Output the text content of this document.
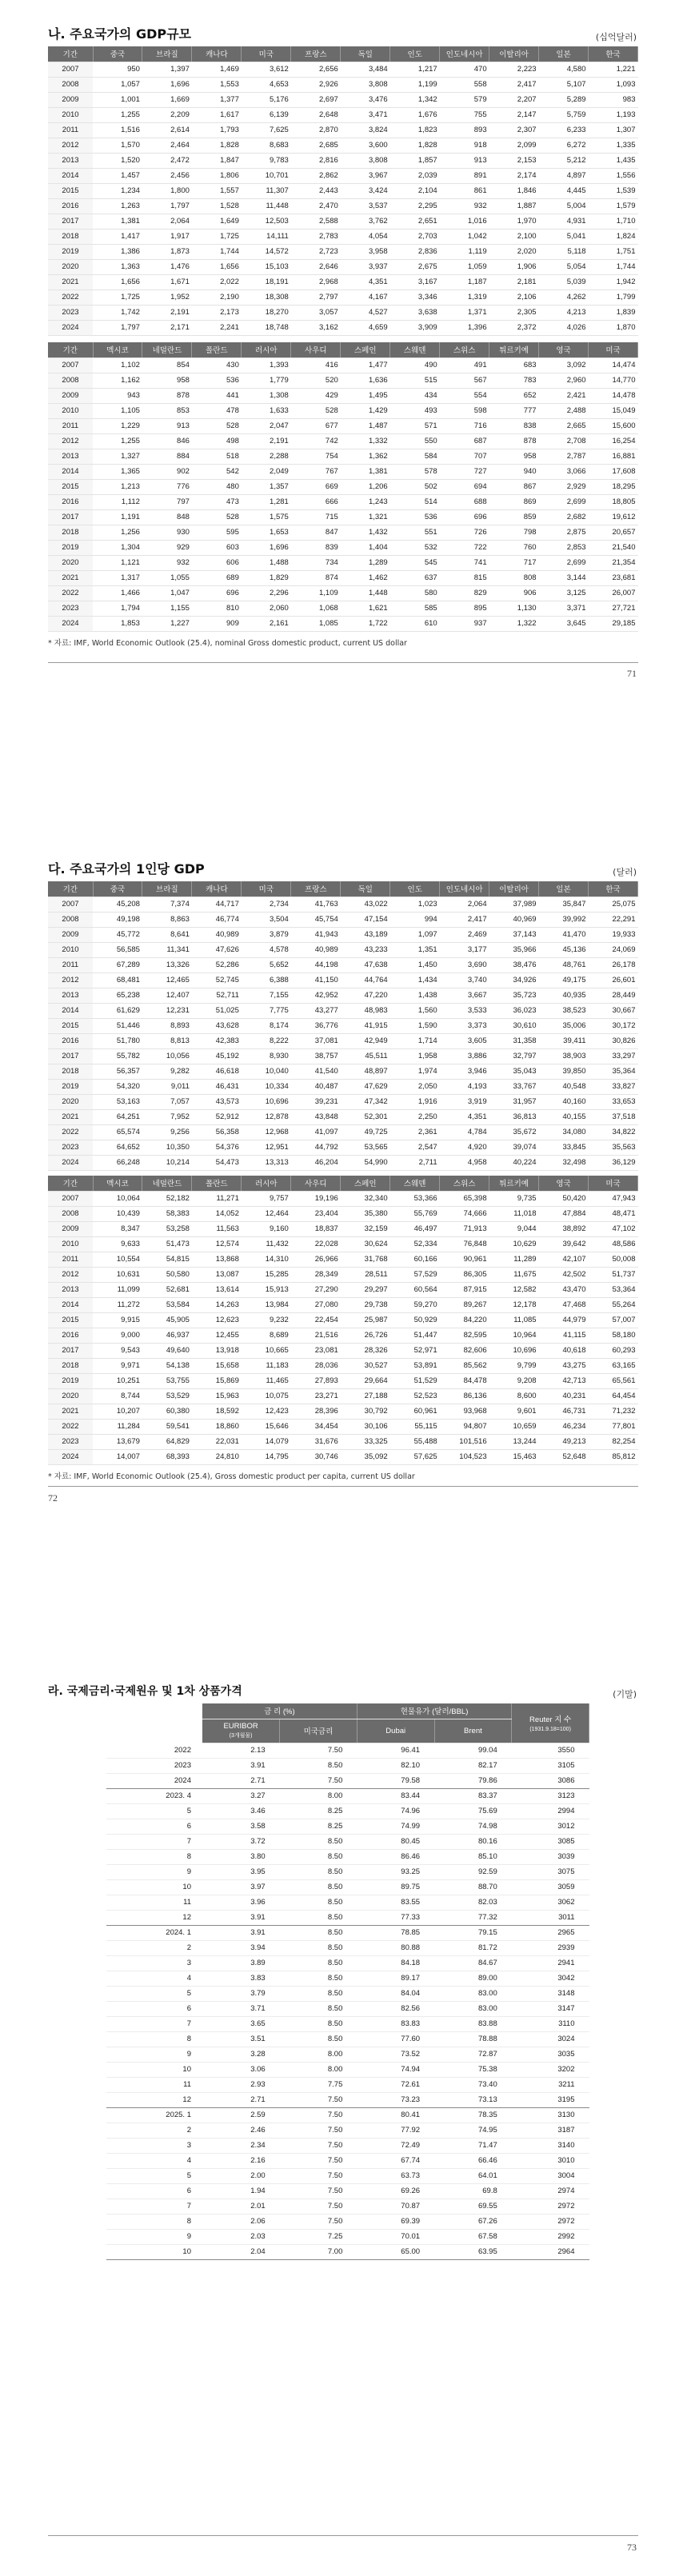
나. 주요국가의 GDP규모	(십억달러)
기간	중국	브라질	캐나다	미국	프랑스	독일	인도	인도네시아	이탈리아	일본	한국
2007	950	1,397	1,469	3,612	2,656	3,484	1,217	470	2,223	4,580	1,221
2008	1,057	1,696	1,553	4,653	2,926	3,808	1,199	558	2,417	5,107	1,093
2009	1,001	1,669	1,377	5,176	2,697	3,476	1,342	579	2,207	5,289	983
2010	1,255	2,209	1,617	6,139	2,648	3,471	1,676	755	2,147	5,759	1,193
2011	1,516	2,614	1,793	7,625	2,870	3,824	1,823	893	2,307	6,233	1,307
2012	1,570	2,464	1,828	8,683	2,685	3,600	1,828	918	2,099	6,272	1,335
2013	1,520	2,472	1,847	9,783	2,816	3,808	1,857	913	2,153	5,212	1,435
2014	1,457	2,456	1,806	10,701	2,862	3,967	2,039	891	2,174	4,897	1,556
2015	1,234	1,800	1,557	11,307	2,443	3,424	2,104	861	1,846	4,445	1,539
2016	1,263	1,797	1,528	11,448	2,470	3,537	2,295	932	1,887	5,004	1,579
2017	1,381	2,064	1,649	12,503	2,588	3,762	2,651	1,016	1,970	4,931	1,710
2018	1,417	1,917	1,725	14,111	2,783	4,054	2,703	1,042	2,100	5,041	1,824
2019	1,386	1,873	1,744	14,572	2,723	3,958	2,836	1,119	2,020	5,118	1,751
2020	1,363	1,476	1,656	15,103	2,646	3,937	2,675	1,059	1,906	5,054	1,744
2021	1,656	1,671	2,022	18,191	2,968	4,351	3,167	1,187	2,181	5,039	1,942
2022	1,725	1,952	2,190	18,308	2,797	4,167	3,346	1,319	2,106	4,262	1,799
2023	1,742	2,191	2,173	18,270	3,057	4,527	3,638	1,371	2,305	4,213	1,839
2024	1,797	2,171	2,241	18,748	3,162	4,659	3,909	1,396	2,372	4,026	1,870
기간	멕시코	네덜란드	폴란드	러시아	사우디	스페인	스웨덴	스위스	튀르키예	영국	미국
2007	1,102	854	430	1,393	416	1,477	490	491	683	3,092	14,474
2008	1,162	958	536	1,779	520	1,636	515	567	783	2,960	14,770
2009	943	878	441	1,308	429	1,495	434	554	652	2,421	14,478
2010	1,105	853	478	1,633	528	1,429	493	598	777	2,488	15,049
2011	1,229	913	528	2,047	677	1,487	571	716	838	2,665	15,600
2012	1,255	846	498	2,191	742	1,332	550	687	878	2,708	16,254
2013	1,327	884	518	2,288	754	1,362	584	707	958	2,787	16,881
2014	1,365	902	542	2,049	767	1,381	578	727	940	3,066	17,608
2015	1,213	776	480	1,357	669	1,206	502	694	867	2,929	18,295
2016	1,112	797	473	1,281	666	1,243	514	688	869	2,699	18,805
2017	1,191	848	528	1,575	715	1,321	536	696	859	2,682	19,612
2018	1,256	930	595	1,653	847	1,432	551	726	798	2,875	20,657
2019	1,304	929	603	1,696	839	1,404	532	722	760	2,853	21,540
2020	1,121	932	606	1,488	734	1,289	545	741	717	2,699	21,354
2021	1,317	1,055	689	1,829	874	1,462	637	815	808	3,144	23,681
2022	1,466	1,047	696	2,296	1,109	1,448	580	829	906	3,125	26,007
2023	1,794	1,155	810	2,060	1,068	1,621	585	895	1,130	3,371	27,721
2024	1,853	1,227	909	2,161	1,085	1,722	610	937	1,322	3,645	29,185
* 자료: IMF, World Economic Outlook (25.4), nominal Gross domestic product, current US dollar
71
다. 주요국가의 1인당 GDP	(달러)
기간	중국	브라질	캐나다	미국	프랑스	독일	인도	인도네시아	이탈리아	일본	한국
2007	45,208	7,374	44,717	2,734	41,763	43,022	1,023	2,064	37,989	35,847	25,075
2008	49,198	8,863	46,774	3,504	45,754	47,154	994	2,417	40,969	39,992	22,291
2009	45,772	8,641	40,989	3,879	41,943	43,189	1,097	2,469	37,143	41,470	19,933
2010	56,585	11,341	47,626	4,578	40,989	43,233	1,351	3,177	35,966	45,136	24,069
2011	67,289	13,326	52,286	5,652	44,198	47,638	1,450	3,690	38,476	48,761	26,178
2012	68,481	12,465	52,745	6,388	41,150	44,764	1,434	3,740	34,926	49,175	26,601
2013	65,238	12,407	52,711	7,155	42,952	47,220	1,438	3,667	35,723	40,935	28,449
2014	61,629	12,231	51,025	7,775	43,277	48,983	1,560	3,533	36,023	38,523	30,667
2015	51,446	8,893	43,628	8,174	36,776	41,915	1,590	3,373	30,610	35,006	30,172
2016	51,780	8,813	42,383	8,222	37,081	42,949	1,714	3,605	31,358	39,411	30,826
2017	55,782	10,056	45,192	8,930	38,757	45,511	1,958	3,886	32,797	38,903	33,297
2018	56,357	9,282	46,618	10,040	41,540	48,897	1,974	3,946	35,043	39,850	35,364
2019	54,320	9,011	46,431	10,334	40,487	47,629	2,050	4,193	33,767	40,548	33,827
2020	53,163	7,057	43,573	10,696	39,231	47,342	1,916	3,919	31,957	40,160	33,653
2021	64,251	7,952	52,912	12,878	43,848	52,301	2,250	4,351	36,813	40,155	37,518
2022	65,574	9,256	56,358	12,968	41,097	49,725	2,361	4,784	35,672	34,080	34,822
2023	64,652	10,350	54,376	12,951	44,792	53,565	2,547	4,920	39,074	33,845	35,563
2024	66,248	10,214	54,473	13,313	46,204	54,990	2,711	4,958	40,224	32,498	36,129
기간	멕시코	네덜란드	폴란드	러시아	사우디	스페인	스웨덴	스위스	튀르키예	영국	미국
2007	10,064	52,182	11,271	9,757	19,196	32,340	53,366	65,398	9,735	50,420	47,943
2008	10,439	58,383	14,052	12,464	23,404	35,380	55,769	74,666	11,018	47,884	48,471
2009	8,347	53,258	11,563	9,160	18,837	32,159	46,497	71,913	9,044	38,892	47,102
2010	9,633	51,473	12,574	11,432	22,028	30,624	52,334	76,848	10,629	39,642	48,586
2011	10,554	54,815	13,868	14,310	26,966	31,768	60,166	90,961	11,289	42,107	50,008
2012	10,631	50,580	13,087	15,285	28,349	28,511	57,529	86,305	11,675	42,502	51,737
2013	11,099	52,681	13,614	15,913	27,290	29,297	60,564	87,915	12,582	43,470	53,364
2014	11,272	53,584	14,263	13,984	27,080	29,738	59,270	89,267	12,178	47,468	55,264
2015	9,915	45,905	12,623	9,232	22,454	25,987	50,929	84,220	11,085	44,979	57,007
2016	9,000	46,937	12,455	8,689	21,516	26,726	51,447	82,595	10,964	41,115	58,180
2017	9,543	49,640	13,918	10,665	23,081	28,326	52,971	82,606	10,696	40,618	60,293
2018	9,971	54,138	15,658	11,183	28,036	30,527	53,891	85,562	9,799	43,275	63,165
2019	10,251	53,755	15,869	11,465	27,893	29,664	51,529	84,478	9,208	42,713	65,561
2020	8,744	53,529	15,963	10,075	23,271	27,188	52,523	86,136	8,600	40,231	64,454
2021	10,207	60,380	18,592	12,423	28,396	30,792	60,961	93,968	9,601	46,731	71,232
2022	11,284	59,541	18,860	15,646	34,454	30,106	55,115	94,807	10,659	46,234	77,801
2023	13,679	64,829	22,031	14,079	31,676	33,325	55,488	101,516	13,244	49,213	82,254
2024	14,007	68,393	24,810	14,795	30,746	35,092	57,625	104,523	15,463	52,648	85,812
* 자료: IMF, World Economic Outlook (25.4), Gross domestic product per capita, current US dollar
72
라. 국제금리·국제원유 및 1차 상품가격	(기말)
	금 리 (%)		현물유가 (달러/BBL)		Reuter 지 수
(1931.9.18=100)
	EURIBOR
(3개월물)	미국금리	Dubai	Brent	
2022	2.13	7.50	96.41	99.04	3550
2023	3.91	8.50	82.10	82.17	3105
2024	2.71	7.50	79.58	79.86	3086
2023. 4	3.27	8.00	83.44	83.37	3123
5	3.46	8.25	74.96	75.69	2994
6	3.58	8.25	74.99	74.98	3012
7	3.72	8.50	80.45	80.16	3085
8	3.80	8.50	86.46	85.10	3039
9	3.95	8.50	93.25	92.59	3075
10	3.97	8.50	89.75	88.70	3059
11	3.96	8.50	83.55	82.03	3062
12	3.91	8.50	77.33	77.32	3011
2024. 1	3.91	8.50	78.85	79.15	2965
2	3.94	8.50	80.88	81.72	2939
3	3.89	8.50	84.18	84.67	2941
4	3.83	8.50	89.17	89.00	3042
5	3.79	8.50	84.04	83.00	3148
6	3.71	8.50	82.56	83.00	3147
7	3.65	8.50	83.83	83.88	3110
8	3.51	8.50	77.60	78.88	3024
9	3.28	8.00	73.52	72.87	3035
10	3.06	8.00	74.94	75.38	3202
11	2.93	7.75	72.61	73.40	3211
12	2.71	7.50	73.23	73.13	3195
2025. 1	2.59	7.50	80.41	78.35	3130
2	2.46	7.50	77.92	74.95	3187
3	2.34	7.50	72.49	71.47	3140
4	2.16	7.50	67.74	66.46	3010
5	2.00	7.50	63.73	64.01	3004
6	1.94	7.50	69.26	69.8	2974
7	2.01	7.50	70.87	69.55	2972
8	2.06	7.50	69.39	67.26	2972
9	2.03	7.25	70.01	67.58	2992
10	2.04	7.00	65.00	63.95	2964
73
